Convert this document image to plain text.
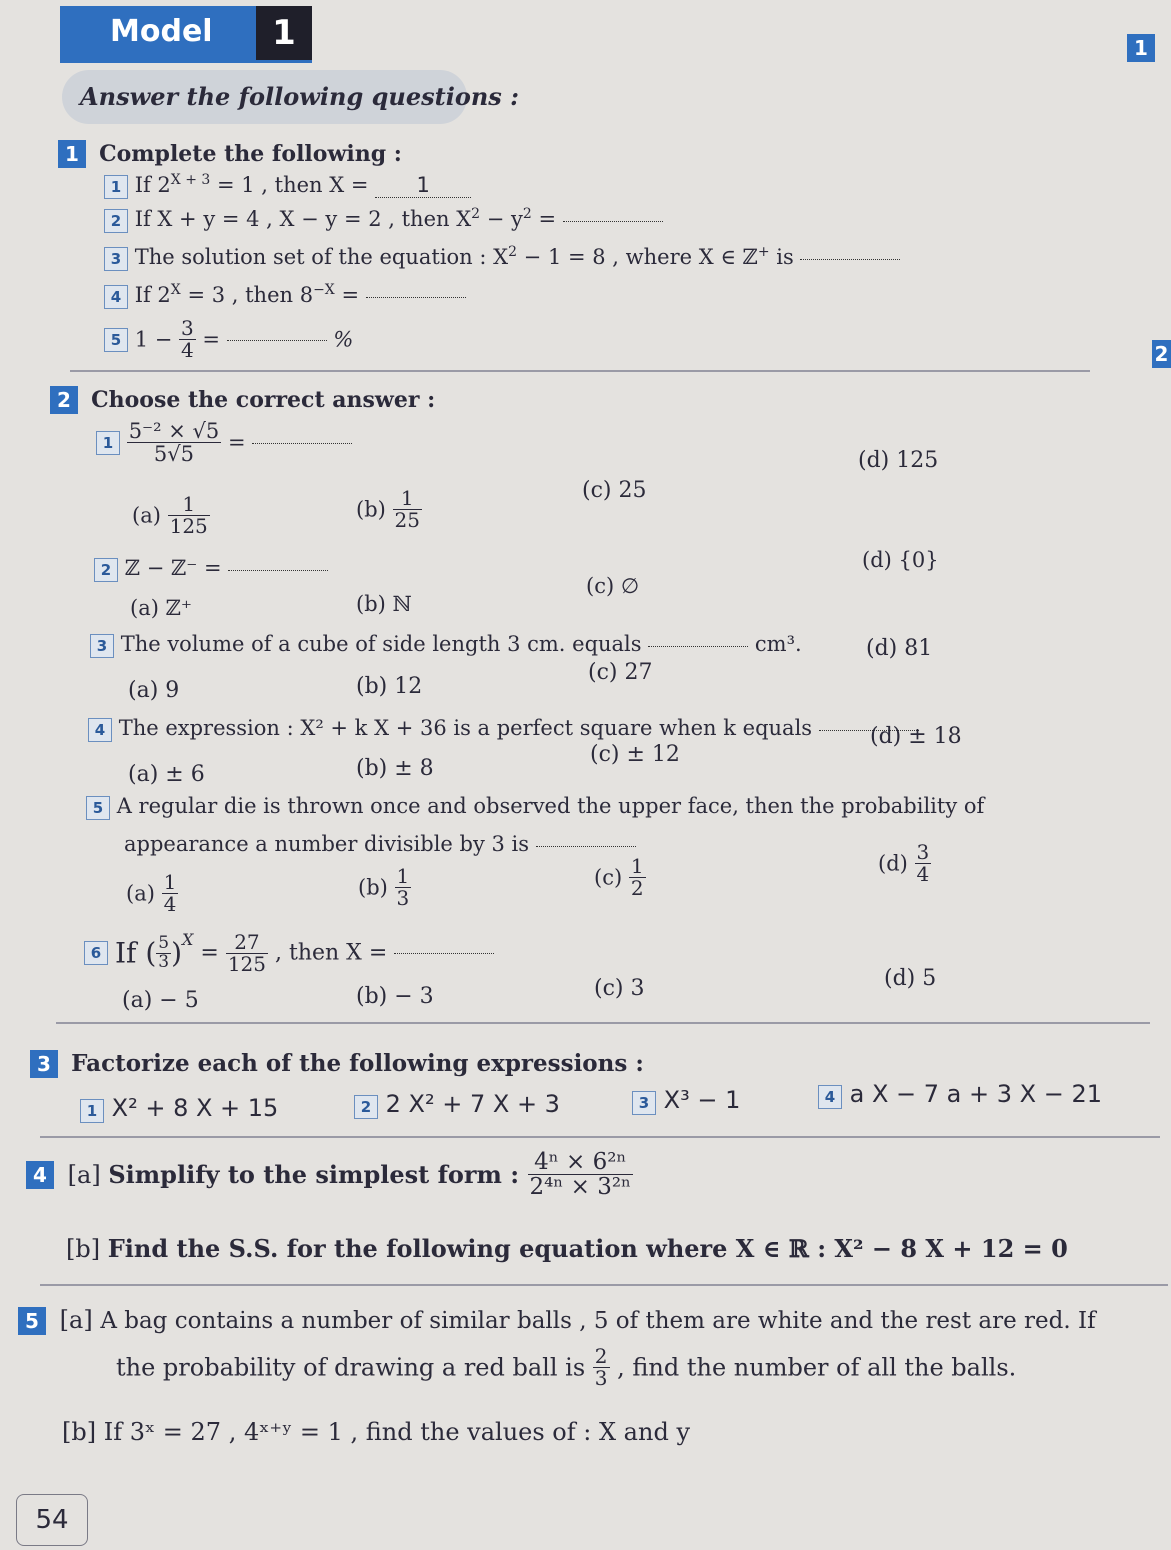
Model	1	1
2
Answer the following questions :
1 Complete the following :
1 If $2^{X + 3} = 1$ , then X = 1
2 If X + y = 4 , X − y = 2 , then $X^2 - y^2$ =
3 The solution set of the equation : $X^2 - 1 = 8$ , where X ∈ ℤ+ is
4 If $2^X = 3$ , then $8^{-X}$ =
5 $1 - \frac{3}{4}$ =	%
2 Choose the correct answer :
$1 \frac{\text{5⁻² × √5}}{5√5}$ =
$(a) \frac{1}{125}$	$(b) \frac{1}{25}$	(c) 25
(d) 125
2 ℤ − ℤ⁻ =
(a) ℤ⁺	(b) ℕ
(c) ∅
(d) {0}
3 The volume of a cube of side length 3 cm. equals	cm³.
(a) 9	(b) 12
(c) 27
(d) 81
4 The expression : X² + k X + 36 is a perfect square when k equals
(a) ± 6	(b) ± 8
(c) ± 12
(d) ± 18
5 A regular die is thrown once and observed the upper face, then the probability of
appearance a number divisible by 3 is
$(a) \frac{1}{4}$	$(b) \frac{1}{3}$	$(c) \frac{1}{2}$	$(d) \frac{3}{4}$
6 If ( $\frac{5}{3} )^X = \frac{27}{125}$ , then X =
(a) − 5	(b) − 3	(c) 3	(d) 5
3 Factorize each of the following expressions :
1 X² + 8 X + 15	2 2 X² + 7 X + 3	3 X³ − 1	4 a X − 7 a + 3 X − 21
4 [a] Simplify to the simplest form : $\frac{\text{4ⁿ × 6²ⁿ}}{\text{2⁴ⁿ × 3²ⁿ}}$
[b] Find the S.S. for the following equation where X ∈ ℝ : X² − 8 X + 12 = 0
5 [a] A bag contains a number of similar balls , 5 of them are white and the rest are red. If
the probability of drawing a red ball is $\frac{2}{3}$ , find the number of all the balls.
[b] If 3ˣ = 27 , 4ˣ⁺ʸ = 1 , find the values of : X and y
54
